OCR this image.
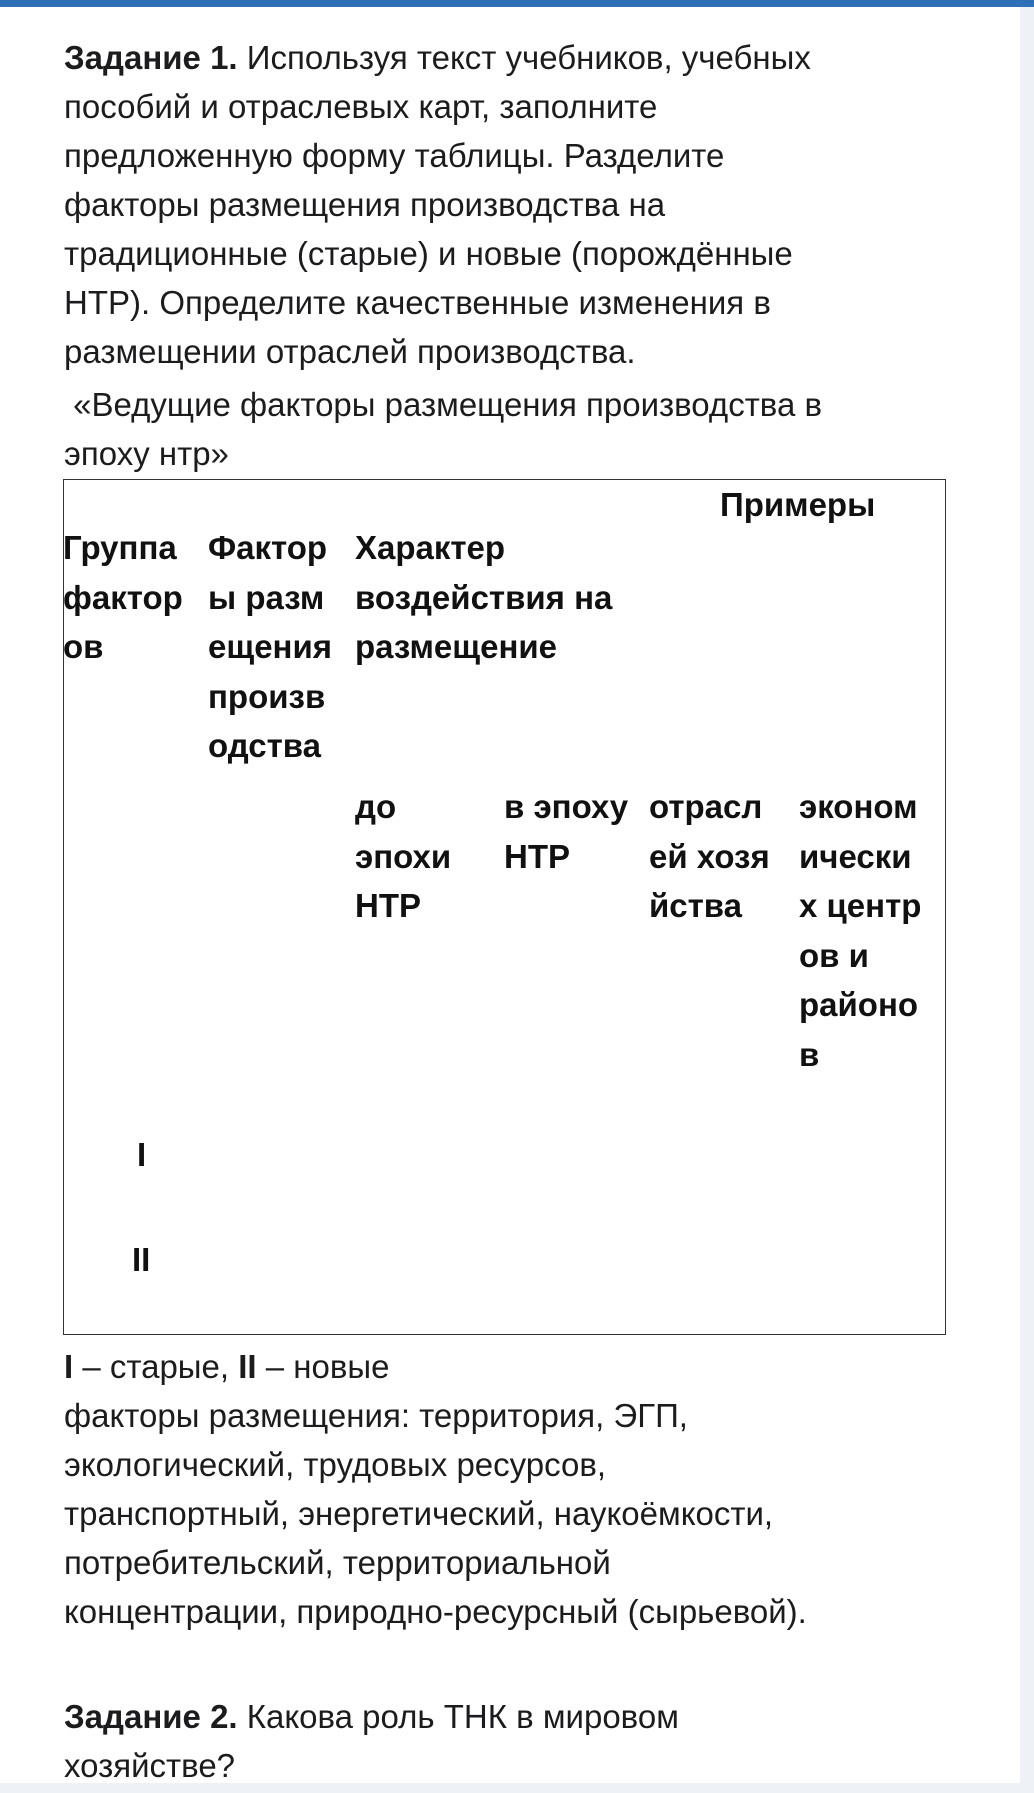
Задание 1. Используя текст учебников, учебных

пособий и отраслевых карт, заполните

предложенную форму таблицы. Разделите

факторы размещения производства на

традиционные (старые) и новые (порождённые

НТР). Определите качественные изменения в

размещении отраслей производства.

«Ведущие факторы размещения производства в

эпоху нтр»

Примеры
Группа
фактор
ов
Фактор
ы разм
ещения
произв
одства
Характер
воздействия на
размещение
до
эпохи
НТР
в эпоху
НТР
отрасл
ей хозя
йства
эконом
ически
х центр
ов и
районо
в
I
II

I – старые, II – новые

факторы размещения: территория, ЭГП,

экологический, трудовых ресурсов,

транспортный, энергетический, наукоёмкости,

потребительский, территориальной

концентрации, природно-ресурсный (сырьевой).

Задание 2. Какова роль ТНК в мировом

хозяйстве?
